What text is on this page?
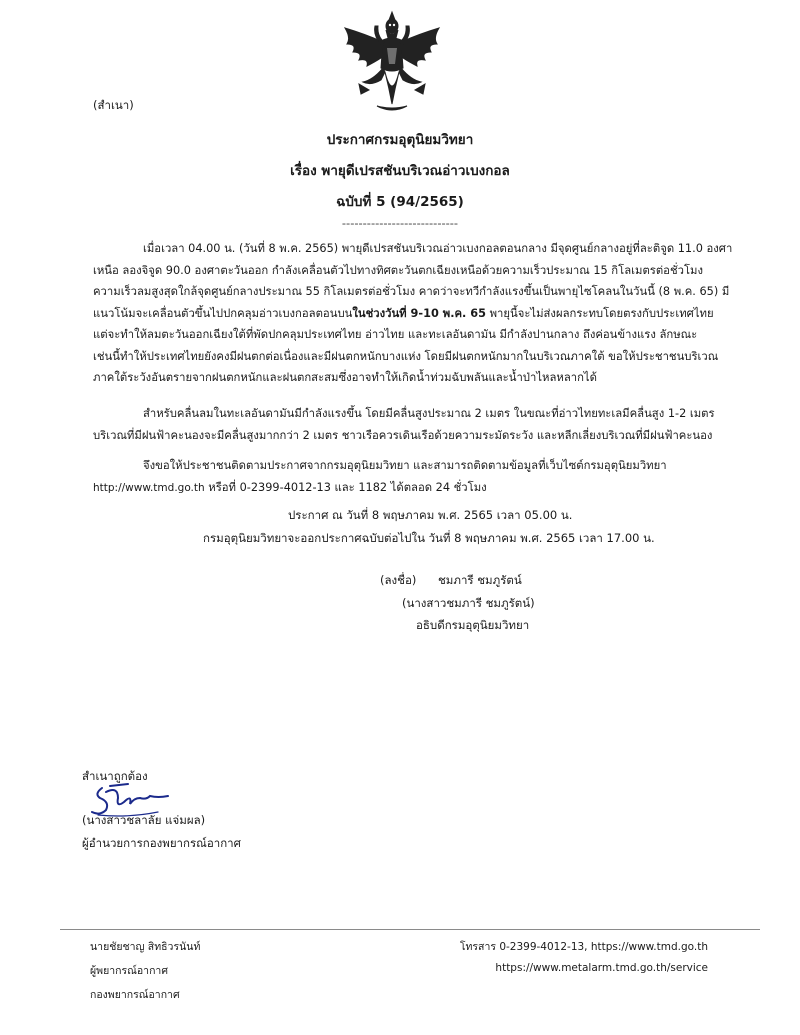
(สำเนา)
ประกาศกรมอุตุนิยมวิทยา
เรื่อง พายุดีเปรสชันบริเวณอ่าวเบงกอล
ฉบับที่ 5 (94/2565)
----------------------------
เมื่อเวลา 04.00 น. (วันที่ 8 พ.ค. 2565) พายุดีเปรสชันบริเวณอ่าวเบงกอลตอนกลาง มีจุดศูนย์กลางอยู่ที่ละติจูด 11.0 องศา
เหนือ ลองจิจูด 90.0 องศาตะวันออก กำลังเคลื่อนตัวไปทางทิศตะวันตกเฉียงเหนือด้วยความเร็วประมาณ 15 กิโลเมตรต่อชั่วโมง
ความเร็วลมสูงสุดใกล้จุดศูนย์กลางประมาณ 55 กิโลเมตรต่อชั่วโมง คาดว่าจะทวีกำลังแรงขึ้นเป็นพายุไซโคลนในวันนี้ (8 พ.ค. 65) มี
แนวโน้มจะเคลื่อนตัวขึ้นไปปกคลุมอ่าวเบงกอลตอนบนในช่วงวันที่ 9-10 พ.ค. 65 พายุนี้จะไม่ส่งผลกระทบโดยตรงกับประเทศไทย
แต่จะทำให้ลมตะวันออกเฉียงใต้ที่พัดปกคลุมประเทศไทย อ่าวไทย และทะเลอันดามัน มีกำลังปานกลาง ถึงค่อนข้างแรง ลักษณะ
เช่นนี้ทำให้ประเทศไทยยังคงมีฝนตกต่อเนื่องและมีฝนตกหนักบางแห่ง โดยมีฝนตกหนักมากในบริเวณภาคใต้ ขอให้ประชาชนบริเวณ
ภาคใต้ระวังอันตรายจากฝนตกหนักและฝนตกสะสมซึ่งอาจทำให้เกิดน้ำท่วมฉับพลันและน้ำป่าไหลหลากได้
สำหรับคลื่นลมในทะเลอันดามันมีกำลังแรงขึ้น โดยมีคลื่นสูงประมาณ 2 เมตร ในขณะที่อ่าวไทยทะเลมีคลื่นสูง 1-2 เมตร
บริเวณที่มีฝนฟ้าคะนองจะมีคลื่นสูงมากกว่า 2 เมตร ชาวเรือควรเดินเรือด้วยความระมัดระวัง และหลีกเลี่ยงบริเวณที่มีฝนฟ้าคะนอง
จึงขอให้ประชาชนติดตามประกาศจากกรมอุตุนิยมวิทยา และสามารถติดตามข้อมูลที่เว็บไซต์กรมอุตุนิยมวิทยา
http://www.tmd.go.th หรือที่ 0-2399-4012-13 และ 1182 ได้ตลอด 24 ชั่วโมง
ประกาศ ณ วันที่ 8 พฤษภาคม พ.ศ. 2565 เวลา 05.00 น.
กรมอุตุนิยมวิทยาจะออกประกาศฉบับต่อไปใน วันที่ 8 พฤษภาคม พ.ศ. 2565 เวลา 17.00 น.
(ลงชื่อ) ชมภารี ชมภูรัตน์
(นางสาวชมภารี ชมภูรัตน์)
อธิบดีกรมอุตุนิยมวิทยา
สำเนาถูกต้อง
(นางสาวชลาลัย แจ่มผล)
ผู้อำนวยการกองพยากรณ์อากาศ
นายชัยชาญ สิทธิวรนันท์
ผู้พยากรณ์อากาศ
กองพยากรณ์อากาศ
โทรสาร 0-2399-4012-13, https://www.tmd.go.th
https://www.metalarm.tmd.go.th/service
